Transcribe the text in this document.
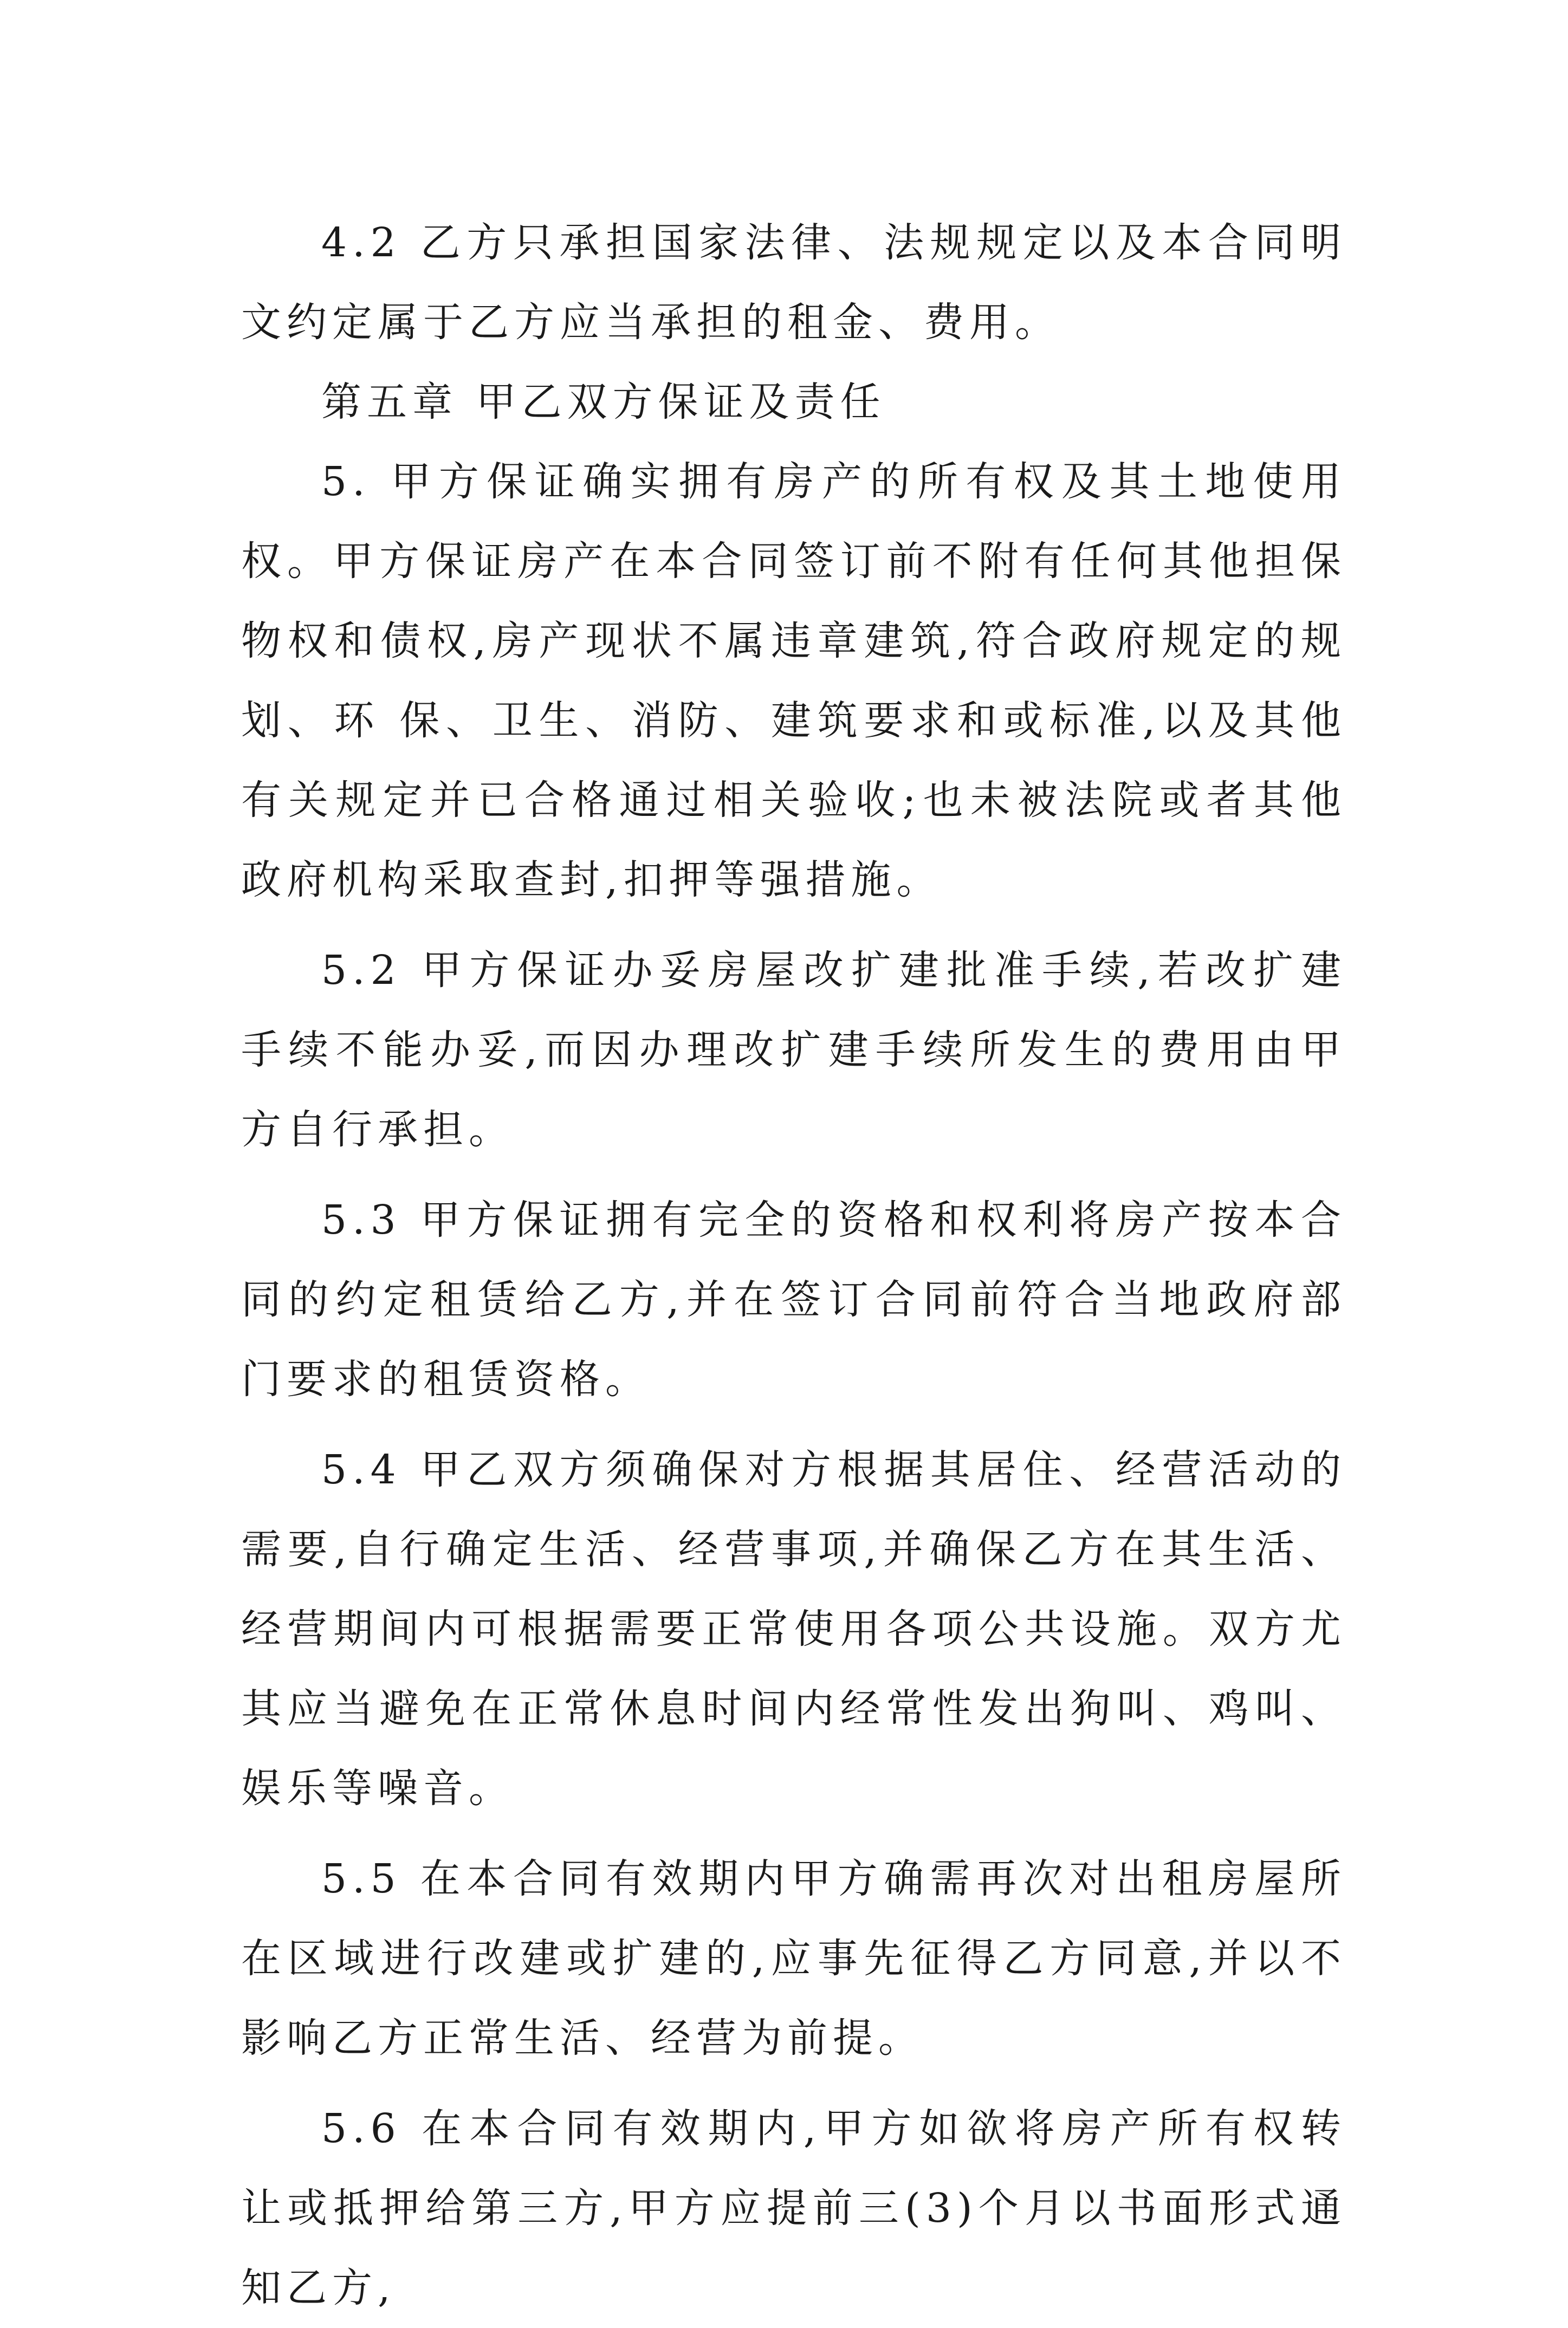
4.2 乙方只承担国家法律、法规规定以及本合同明文约定属于乙方应当承担的租金、费用。

第五章 甲乙双方保证及责任

5. 甲方保证确实拥有房产的所有权及其土地使用权。甲方保证房产在本合同签订前不附有任何其他担保物权和债权,房产现状不属违章建筑,符合政府规定的规划、环 保、卫生、消防、建筑要求和或标准,以及其他有关规定并已合格通过相关验收;也未被法院或者其他政府机构采取查封,扣押等强措施。

5.2 甲方保证办妥房屋改扩建批准手续,若改扩建手续不能办妥,而因办理改扩建手续所发生的费用由甲方自行承担。

5.3 甲方保证拥有完全的资格和权利将房产按本合同的约定租赁给乙方,并在签订合同前符合当地政府部门要求的租赁资格。

5.4 甲乙双方须确保对方根据其居住、经营活动的需要,自行确定生活、经营事项,并确保乙方在其生活、经营期间内可根据需要正常使用各项公共设施。双方尤其应当避免在正常休息时间内经常性发出狗叫、鸡叫、娱乐等噪音。

5.5 在本合同有效期内甲方确需再次对出租房屋所在区域进行改建或扩建的,应事先征得乙方同意,并以不影响乙方正常生活、经营为前提。

5.6 在本合同有效期内,甲方如欲将房产所有权转让或抵押给第三方,甲方应提前三(3)个月以书面形式通知乙方,
